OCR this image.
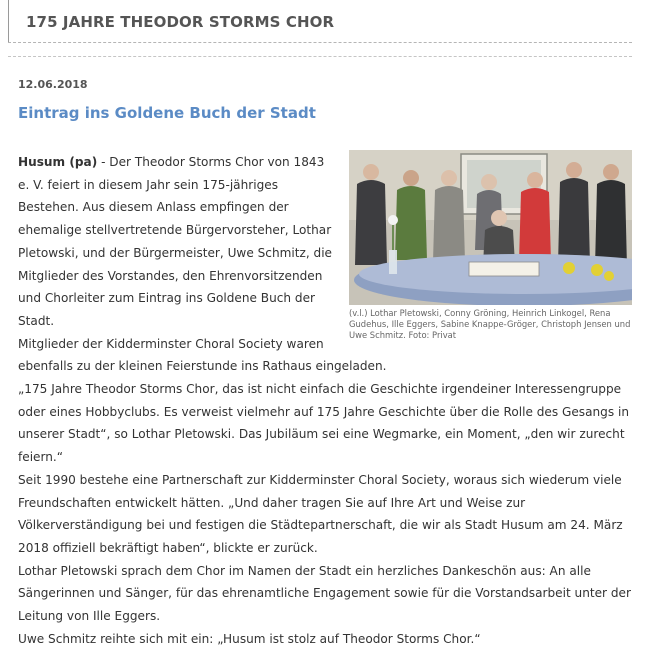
175 JAHRE THEODOR STORMS CHOR
12.06.2018
Eintrag ins Goldene Buch der Stadt
(v.l.) Lothar Pletowski, Conny Gröning, Heinrich Linkogel, Rena Gudehus, Ille Eggers, Sabine Knappe-Gröger, Christoph Jensen und Uwe Schmitz. Foto: Privat

Husum (pa) - Der Theodor Storms Chor von 1843 e. V. feiert in diesem Jahr sein 175-jähriges Bestehen. Aus diesem Anlass empfingen der ehemalige stellvertretende Bürgervorsteher, Lothar Pletowski, und der Bürgermeister, Uwe Schmitz, die Mitglieder des Vorstandes, den Ehrenvorsitzenden und Chorleiter zum Eintrag ins Goldene Buch der Stadt.

Mitglieder der Kidderminster Choral Society waren ebenfalls zu der kleinen Feierstunde ins Rathaus eingeladen.

„175 Jahre Theodor Storms Chor, das ist nicht einfach die Geschichte irgendeiner Interessengruppe oder eines Hobbyclubs. Es verweist vielmehr auf 175 Jahre Geschichte über die Rolle des Gesangs in unserer Stadt“, so Lothar Pletowski. Das Jubiläum sei eine Wegmarke, ein Moment, „den wir zurecht feiern.“

Seit 1990 bestehe eine Partnerschaft zur Kidderminster Choral Society, woraus sich wiederum viele Freundschaften entwickelt hätten. „Und daher tragen Sie auf Ihre Art und Weise zur Völkerverständigung bei und festigen die Städtepartnerschaft, die wir als Stadt Husum am 24. März 2018 offiziell bekräftigt haben“, blickte er zurück.

Lothar Pletowski sprach dem Chor im Namen der Stadt ein herzliches Dankeschön aus: An alle Sängerinnen und Sänger, für das ehrenamtliche Engagement sowie für die Vorstandsarbeit unter der Leitung von Ille Eggers.

Uwe Schmitz reihte sich mit ein: „Husum ist stolz auf Theodor Storms Chor.“
